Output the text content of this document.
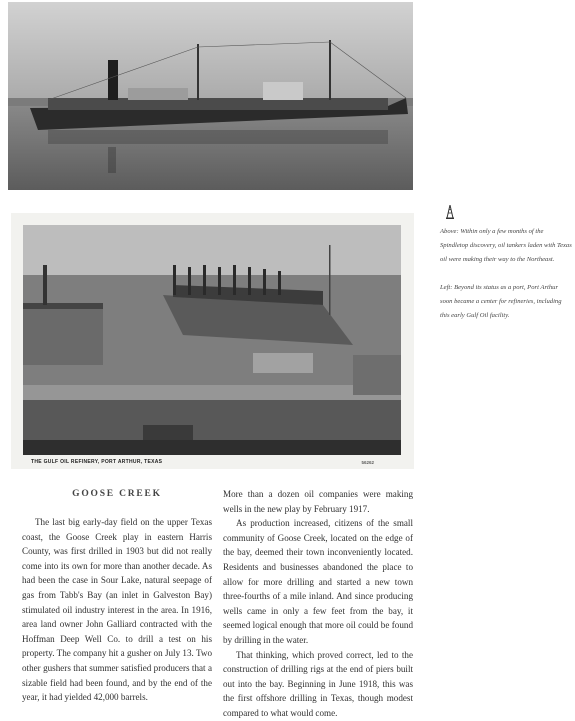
THE GULF OIL REFINERY, PORT ARTHUR, TEXAS	56262

Above: Within only a few months of the Spindletop discovery, oil tankers laden with Texas oil were making their way to the Northeast.

Left: Beyond its status as a port, Port Arthur soon became a center for refineries, including this early Gulf Oil facility.

GOOSE CREEK

The last big early-day field on the upper Texas coast, the Goose Creek play in eastern Harris County, was first drilled in 1903 but did not really come into its own for more than another decade. As had been the case in Sour Lake, natural seepage of gas from Tabb's Bay (an inlet in Galveston Bay) stimulated oil industry interest in the area. In 1916, area land owner John Galliard contracted with the Hoffman Deep Well Co. to drill a test on his property. The company hit a gusher on July 13. Two other gushers that summer satisfied producers that a sizable field had been found, and by the end of the year, it had yielded 42,000 barrels.

More than a dozen oil companies were making wells in the new play by February 1917.

As production increased, citizens of the small community of Goose Creek, located on the edge of the bay, deemed their town inconveniently located. Residents and businesses abandoned the place to allow for more drilling and started a new town three-fourths of a mile inland. And since producing wells came in only a few feet from the bay, it seemed logical enough that more oil could be found by drilling in the water.

That thinking, which proved correct, led to the construction of drilling rigs at the end of piers built out into the bay. Beginning in June 1918, this was the first offshore drilling in Texas, though modest compared to what would come.
